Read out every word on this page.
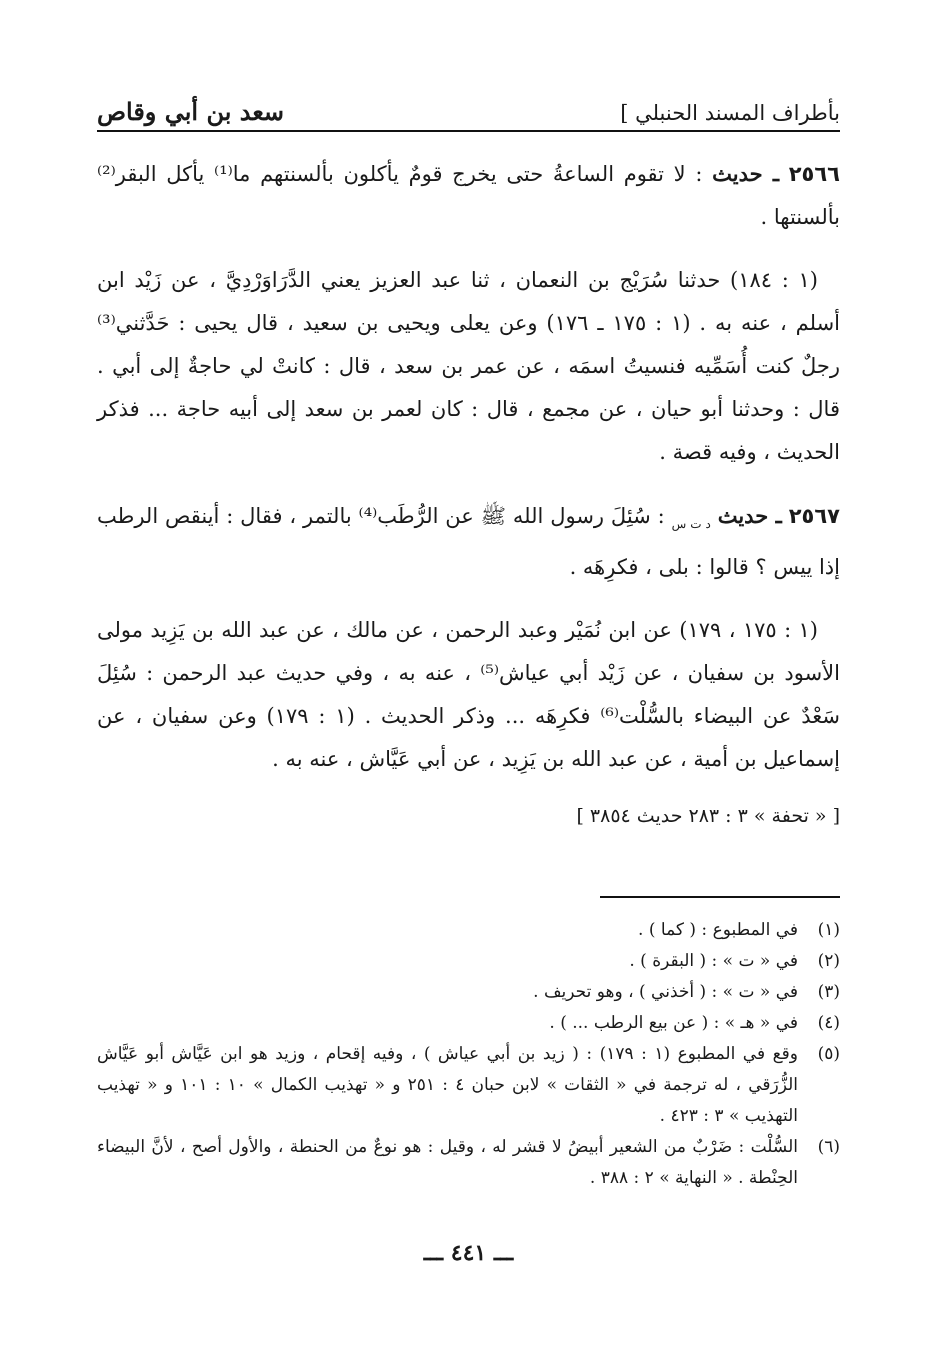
بأطراف المسند الحنبلي ]
سعد بن أبي وقاص

٢٥٦٦ ـ حديث : لا تقوم الساعةُ حتى يخرج قومٌ يأكلون بألسنتهم ما⁽¹⁾ يأكل البقر⁽²⁾ بألسنتها .

(١ : ١٨٤) حدثنا سُرَيْج بن النعمان ، ثنا عبد العزيز يعني الدَّرَاوَرْدِيَّ ، عن زَيْد ابن أسلم ، عنه به . (١ : ١٧٥ ـ ١٧٦) وعن يعلى ويحيى بن سعيد ، قال يحيى : حَدَّثني⁽³⁾ رجلٌ كنت أُسَمِّيه فنسيتُ اسمَه ، عن عمر بن سعد ، قال : كانتْ لي حاجةٌ إلى أبي . قال : وحدثنا أبو حيان ، عن مجمع ، قال : كان لعمر بن سعد إلى أبيه حاجة ... فذكر الحديث ، وفيه قصة .

٢٥٦٧ ـ حديث $_{د ت س}$ : سُئِلَ رسول الله ﷺ عن الرُّطَب⁽⁴⁾ بالتمر ، فقال : أينقص الرطب إذا ييس ؟ قالوا : بلى ، فكرِهَه .

(١ : ١٧٥ ، ١٧٩) عن ابن نُمَيْر وعبد الرحمن ، عن مالك ، عن عبد الله بن يَزِيد مولى الأسود بن سفيان ، عن زَيْد أبي عياش⁽⁵⁾ ، عنه به ، وفي حديث عبد الرحمن : سُئِلَ سَعْدٌ عن البيضاء بالسُّلْت⁽⁶⁾ فكرِهَه ... وذكر الحديث . (١ : ١٧٩) وعن سفيان ، عن إسماعيل بن أمية ، عن عبد الله بن يَزِيد ، عن أبي عَيَّاش ، عنه به .

[ « تحفة » ٣ : ٢٨٣ حديث ٣٨٥٤ ]
(١)
في المطبوع : ( كما ) .
(٢)
في « ت » : ( البقرة ) .
(٣)
في « ت » : ( أخذني ) ، وهو تحريف .
(٤)
في « هـ » : ( عن بيع الرطب ... ) .
(٥)
وقع في المطبوع (١ : ١٧٩) : ( زيد بن أبي عياش ) ، وفيه إقحام ، وزيد هو ابن عَيَّاش أبو عَيَّاش الزُّرَقي ، له ترجمة في « الثقات » لابن حبان ٤ : ٢٥١ و « تهذيب الكمال » ١٠ : ١٠١ و « تهذيب التهذيب » ٣ : ٤٢٣ .
(٦)
السُّلْت : ضَرْبٌ من الشعير أبيضُ لا قشر له ، وقيل : هو نوعٌ من الحنطة ، والأول أصح ، لأنَّ البيضاء الحِنْطة . « النهاية » ٢ : ٣٨٨ .
ـــ ٤٤١ ـــ
